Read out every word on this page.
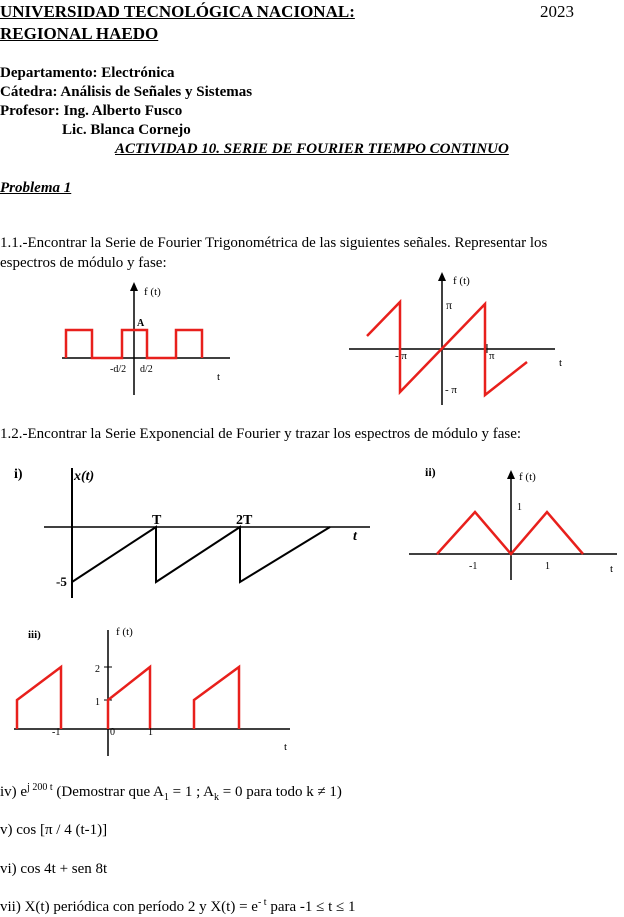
UNIVERSIDAD TECNOLÓGICA NACIONAL:	2023
REGIONAL HAEDO
Departamento: Electrónica
Cátedra: Análisis de Señales y Sistemas
Profesor: Ing. Alberto Fusco
Lic. Blanca Cornejo
ACTIVIDAD 10. SERIE DE FOURIER TIEMPO CONTINUO
Problema 1
1.1.-Encontrar la Serie de Fourier Trigonométrica de las siguientes señales. Representar los
espectros de módulo y fase:
f (t)
A
-d/2 d/2
t
f (t)
π
- π	π
- π
t
1.2.-Encontrar la Serie Exponencial de Fourier y trazar los espectros de módulo y fase:
i)	x(t)
T	2T
t
-5
ii)	f (t)
1
-1	1	t
iii)	f (t)
2
1
-1	0	1
t
iv) $e^{j 200 t}$ (Demostrar que $A_1 = 1$ ; $A_k = 0$ para todo k ≠ 1)
v) cos [π / 4 (t-1)]
vi) cos 4t + sen 8t
vii) X(t) periódica con período 2 y $X(t) = e^{- t}$ para -1 ≤ t ≤ 1
